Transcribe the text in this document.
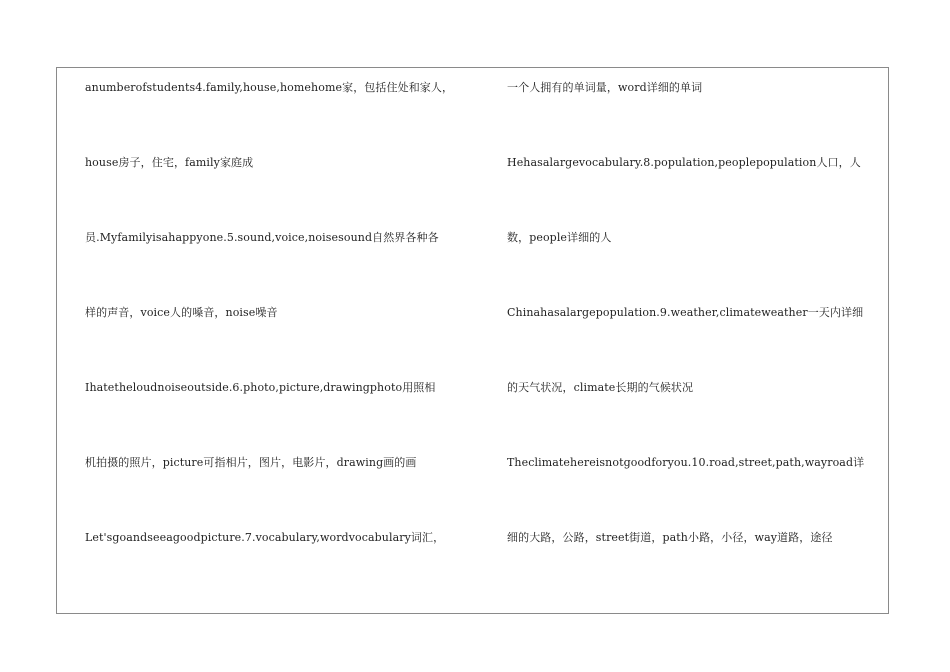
anumberofstudents4.family,house,homehome家，包括住处和家人，
house房子，住宅，family家庭成
员.Myfamilyisahappyone.5.sound,voice,noisesound自然界各种各
样的声音，voice人的嗓音，noise噪音
Ihatetheloudnoiseoutside.6.photo,picture,drawingphoto用照相
机拍摄的照片，picture可指相片，图片，电影片，drawing画的画
Let'sgoandseeagoodpicture.7.vocabulary,wordvocabulary词汇，
一个人拥有的单词量，word详细的单词
Hehasalargevocabulary.8.population,peoplepopulation人口，人
数，people详细的人
Chinahasalargepopulation.9.weather,climateweather一天内详细
的天气状况，climate长期的气候状况
Theclimatehereisnotgoodforyou.10.road,street,path,wayroad详
细的大路，公路，street街道，path小路，小径，way道路，途径
